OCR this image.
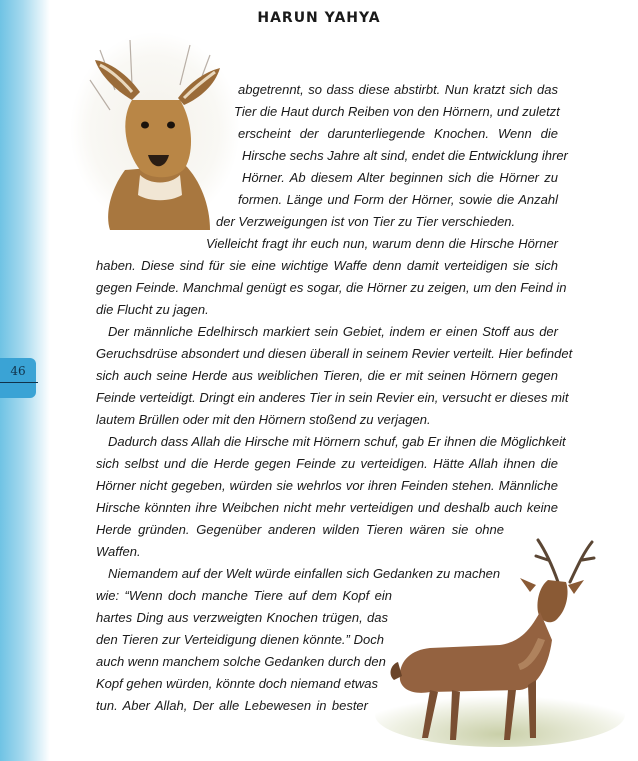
46
HARUN YAHYA
abgetrennt, so dass diese abstirbt. Nun kratzt sich das
Tier die Haut durch Reiben von den Hörnern, und zuletzt
erscheint der darunterliegende Knochen. Wenn die
Hirsche sechs Jahre alt sind, endet die Entwicklung ihrer
Hörner. Ab diesem Alter beginnen sich die Hörner zu
formen. Länge und Form der Hörner, sowie die Anzahl
der Verzweigungen ist von Tier zu Tier verschieden.
Vielleicht fragt ihr euch nun, warum denn die Hirsche Hörner
haben. Diese sind für sie eine wichtige Waffe denn damit verteidigen sie sich
gegen Feinde. Manchmal genügt es sogar, die Hörner zu zeigen, um den Feind in
die Flucht zu jagen.
Der männliche Edelhirsch markiert sein Gebiet, indem er einen Stoff aus der
Geruchsdrüse absondert und diesen überall in seinem Revier verteilt. Hier befindet
sich auch seine Herde aus weiblichen Tieren, die er mit seinen Hörnern gegen
Feinde verteidigt. Dringt ein anderes Tier in sein Revier ein, versucht er dieses mit
lautem Brüllen oder mit den Hörnern stoßend zu verjagen.
Dadurch dass Allah die Hirsche mit Hörnern schuf, gab Er ihnen die Möglichkeit
sich selbst und die Herde gegen Feinde zu verteidigen. Hätte Allah ihnen die
Hörner nicht gegeben, würden sie wehrlos vor ihren Feinden stehen. Männliche
Hirsche könnten ihre Weibchen nicht mehr verteidigen und deshalb auch keine
Herde gründen. Gegenüber anderen wilden Tieren wären sie ohne
Waffen.
Niemandem auf der Welt würde einfallen sich Gedanken zu machen
wie: “Wenn doch manche Tiere auf dem Kopf ein
hartes Ding aus verzweigten Knochen trügen, das
den Tieren zur Verteidigung dienen könnte.” Doch
auch wenn manchem solche Gedanken durch den
Kopf gehen würden, könnte doch niemand etwas
tun. Aber Allah, Der alle Lebewesen in bester
